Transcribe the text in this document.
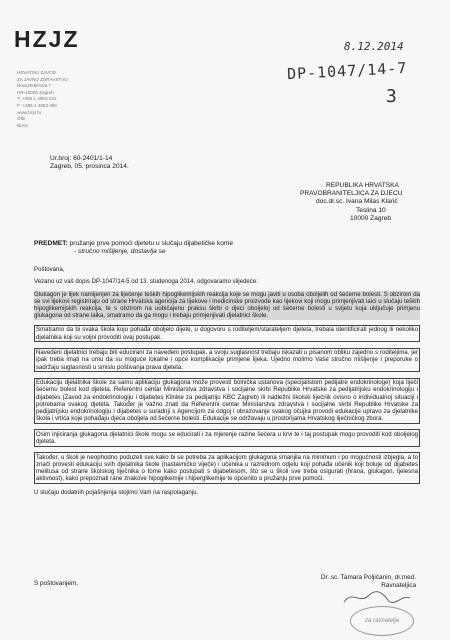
HZJZ
HRVATSKI ZAVOD
ZA JAVNO ZDRAVSTVO
Rockefellerova 7
HR-10000 Zagreb
T: +385 1 4863 222
F: +385 1 4863 366
www.hzjz.hr
OIB
IBAN
8.12.2014
DP-1047/14-7
3
Ur.broj: 60-2401/1-14
Zagreb, 05. prosinca 2014.
REPUBLIKA HRVATSKA
PRAVOBRANITELJICA ZA DJECU
doc.dr.sc. Ivana Milas Klarić
Teslina 10
10000 Zagreb
PREDMET: pružanje prve pomoći djetetu u slučaju dijabetičke kome
- stručno mišljenje, dostavlja se

Poštovana,

Vezano uz vaš dopis DP-1047/14-5 od 13. studenoga 2014. odgovaramo slijedeće:

Glukagon je lijek namijenjen za liječenje teških hipoglikemijskih reakcija koje se mogu javiti u osoba oboljelih od šećerne bolesti. S obzirom da se svi lijekovi registriraju od strane Hrvatska agencija za lijekove i medicinske proizvode kao lijekovi koji mogu primjenjivati laici u slučaju teških hipoglikemijskih reakcija, te s obzirom na uobičajenu praksu škrbi o djeci oboljeloj od šećerne bolesti u svijetu koja uključuje primjenu glukagona od strane laika, smatramo da ga mogu i trebaju primjenjivati djelatnici škole.

Smatramo da bi svaka škola koju pohađa oboljelo dijete, u dogovoru s roditeljem/starateljem djeteta, trebala identificirati jednog ili nekoliko djelatnika koji su voljni provoditi ovaj postupak.

Navedeni djelatnici trebaju biti educirani za navedeni postupak, a svoju suglasnost trebaju iskazati u pisanom obliku zajedno s roditeljima, jer ipak treba imati na umu da su moguće lokalne i opće komplikacije primjene lijeka. Ujedno molimo Vaše stručno mišljenje i preporuke o sadržaju suglasnosti u smislu poštivanja prava djeteta.

Edukaciju djelatnika škole za samu aplikaciju glukagona može provesti bolnička ustanova (specijalistom pedijatre endokrinologe) koja liječi šećernu bolest kod djeteta. Referentni centar Ministarstva zdravstva i socijalne skrbi Republike Hrvatske za pedijatrijsku endokrinologiju i dijabetes (Zavod za endokrinologiju i dijabetes Klinike za pedijatriju KBC Zagreb) ili nadležni školski liječnik ovisno o individualnoj situaciji i potrebama svakog djeteta. Također je važno znati da Referentni centar Ministarstva zdravstva i socijalne skrbi Republike Hrvatske za pedijatrijsku endokrinologiju i dijabetes u suradnji s Agencijom za odgoj i obrazovanje svakog očujka provodi edukacije upravo za djelatnike škola i vrtića koje pohađaju djeca oboljela od šećerne bolesti. Edukacije se održavaju u prostorijama Hrvatskog liječničkog zbora.

Osim injiciranja glukagona djelatnici škole mogu se educirati i za mjerenje razine šećera u krvi te i taj postupak mogu provoditi kod oboljelog djeteta.

Također, u školi je neophodno poduzeti sve kako bi se potreba za aplikacijom glukagona smanjila na minimum i po mogućnosti izbjegla, a to znači provesti edukaciju svih djelatnika škole (nastavničko vijeće) i učenika u razrednom odjelu koji pohađa učenik koji boluje od dijabetes melitusa od strane školskog liječnika o tome kako postupati s dijabetesom, što se u školi sve treba osigurati (hrana, glukagon, tjelesna aktivnost), kako prepoznati rane znakove hipoglikemije i hiperglikemije te općenito o pružanju prve pomoći.

U slučaju dodatnih pojašnjenja stojimo Vam na raspolaganju.

S poštovanjem,
Dr. sc. Tamara Poljičanin, dr.med.
Ravnateljica
za ravnatelja
